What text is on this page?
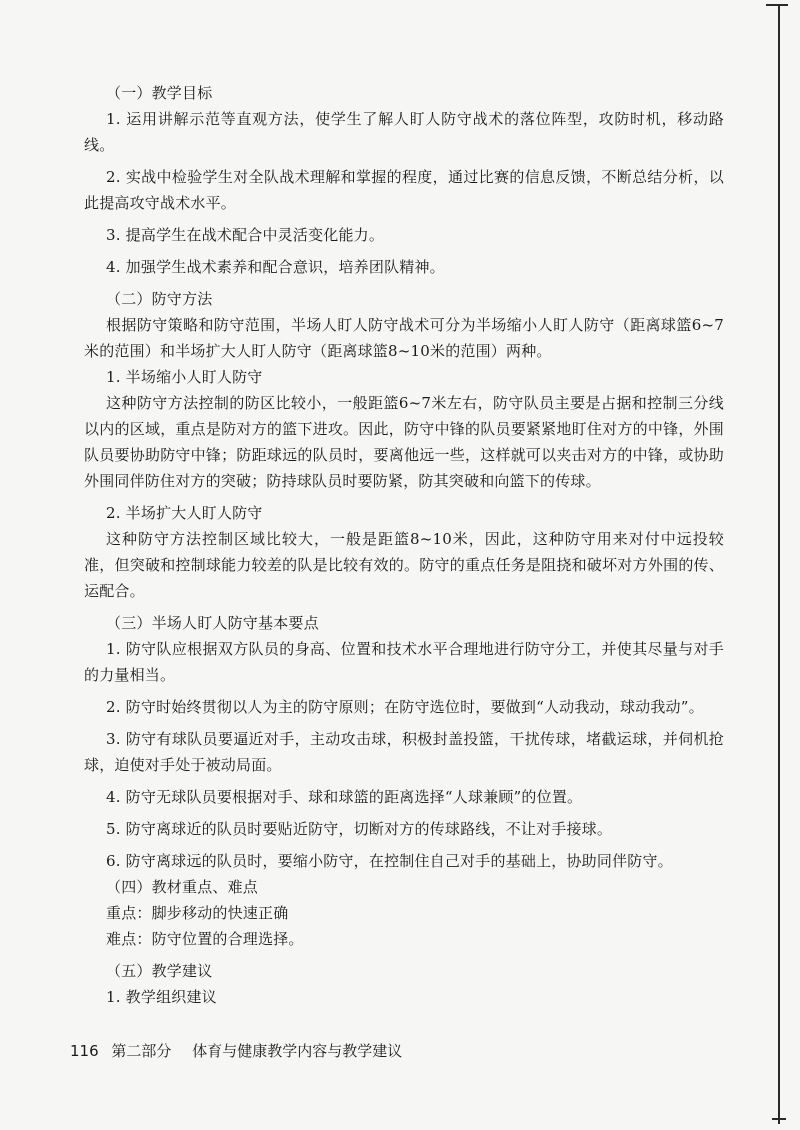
（一）教学目标

1. 运用讲解示范等直观方法，使学生了解人盯人防守战术的落位阵型，攻防时机，移动路线。

2. 实战中检验学生对全队战术理解和掌握的程度，通过比赛的信息反馈，不断总结分析，以此提高攻守战术水平。

3. 提高学生在战术配合中灵活变化能力。

4. 加强学生战术素养和配合意识，培养团队精神。

（二）防守方法

根据防守策略和防守范围，半场人盯人防守战术可分为半场缩小人盯人防守（距离球篮6~7米的范围）和半场扩大人盯人防守（距离球篮8~10米的范围）两种。

1. 半场缩小人盯人防守

这种防守方法控制的防区比较小，一般距篮6~7米左右，防守队员主要是占据和控制三分线以内的区域，重点是防对方的篮下进攻。因此，防守中锋的队员要紧紧地盯住对方的中锋，外围队员要协助防守中锋；防距球远的队员时，要离他远一些，这样就可以夹击对方的中锋，或协助外围同伴防住对方的突破；防持球队员时要防紧，防其突破和向篮下的传球。

2. 半场扩大人盯人防守

这种防守方法控制区域比较大，一般是距篮8~10米，因此，这种防守用来对付中远投较准，但突破和控制球能力较差的队是比较有效的。防守的重点任务是阻挠和破坏对方外围的传、运配合。

（三）半场人盯人防守基本要点

1. 防守队应根据双方队员的身高、位置和技术水平合理地进行防守分工，并使其尽量与对手的力量相当。

2. 防守时始终贯彻以人为主的防守原则；在防守选位时，要做到“人动我动，球动我动”。

3. 防守有球队员要逼近对手，主动攻击球，积极封盖投篮，干扰传球，堵截运球，并伺机抢球，迫使对手处于被动局面。

4. 防守无球队员要根据对手、球和球篮的距离选择“人球兼顾”的位置。

5. 防守离球近的队员时要贴近防守，切断对方的传球路线，不让对手接球。

6. 防守离球远的队员时，要缩小防守，在控制住自己对手的基础上，协助同伴防守。

（四）教材重点、难点

重点：脚步移动的快速正确

难点：防守位置的合理选择。

（五）教学建议

1. 教学组织建议

116 第二部分 体育与健康教学内容与教学建议
